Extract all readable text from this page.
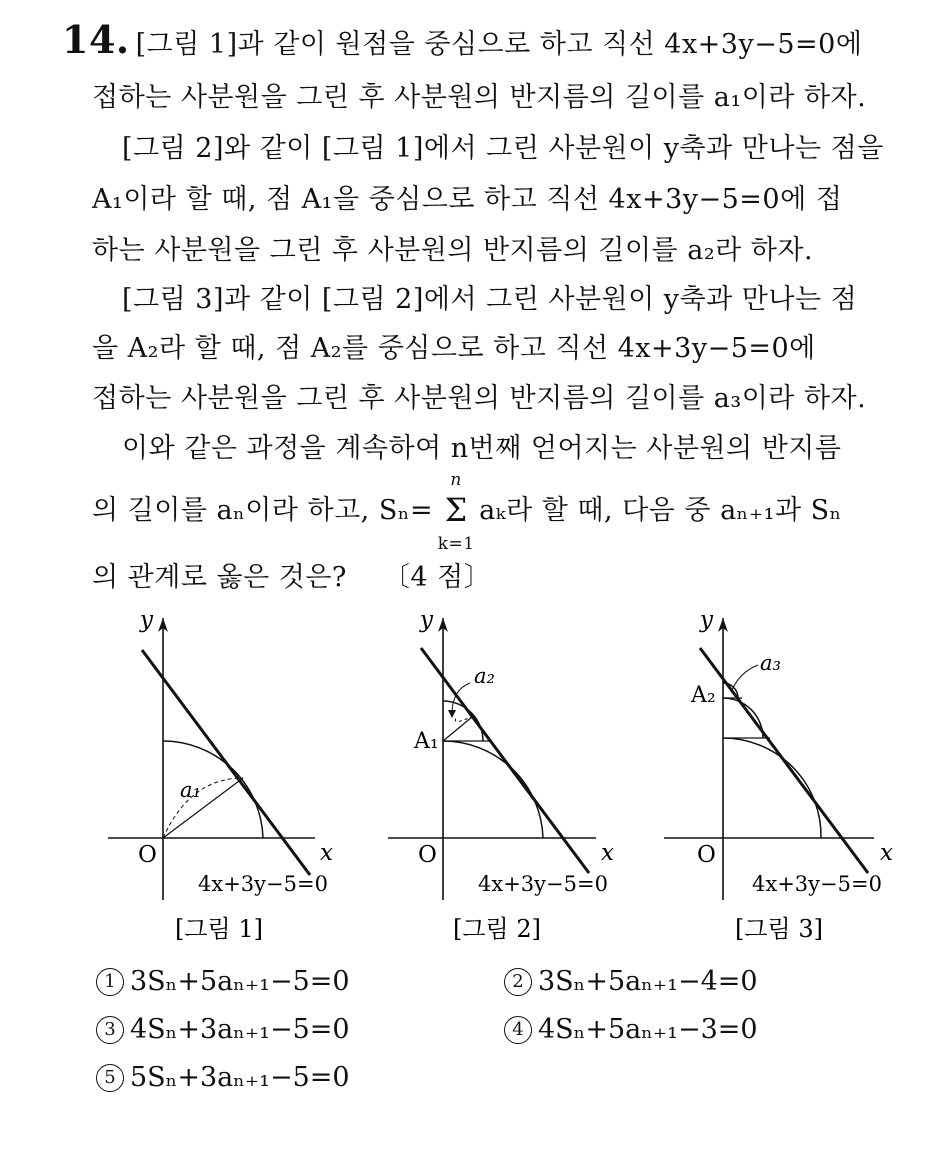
14. [그림 1]과 같이 원점을 중심으로 하고 직선 4x+3y−5=0에
접하는 사분원을 그린 후 사분원의 반지름의 길이를 a₁이라 하자.
[그림 2]와 같이 [그림 1]에서 그린 사분원이 y축과 만나는 점을
A₁이라 할 때, 점 A₁을 중심으로 하고 직선 4x+3y−5=0에 접
하는 사분원을 그린 후 사분원의 반지름의 길이를 a₂라 하자.
[그림 3]과 같이 [그림 2]에서 그린 사분원이 y축과 만나는 점
을 A₂라 할 때, 점 A₂를 중심으로 하고 직선 4x+3y−5=0에
접하는 사분원을 그린 후 사분원의 반지름의 길이를 a₃이라 하자.
이와 같은 과정을 계속하여 n번째 얻어지는 사분원의 반지름
의 길이를 aₙ이라 하고, Sₙ=
n
Σ
k=1
aₖ라 할 때, 다음 중 aₙ₊₁과 Sₙ
의 관계로 옳은 것은? 〔4 점〕
a₁
y
x
O
4x+3y−5=0
[그림 1]
a₂
A₁
y
x
O
4x+3y−5=0
[그림 2]
a₃
A₂
y
x
O
4x+3y−5=0
[그림 3]
1 3Sₙ+5aₙ₊₁−5=0	2 3Sₙ+5aₙ₊₁−4=0
3 4Sₙ+3aₙ₊₁−5=0	4 4Sₙ+5aₙ₊₁−3=0
5 5Sₙ+3aₙ₊₁−5=0
